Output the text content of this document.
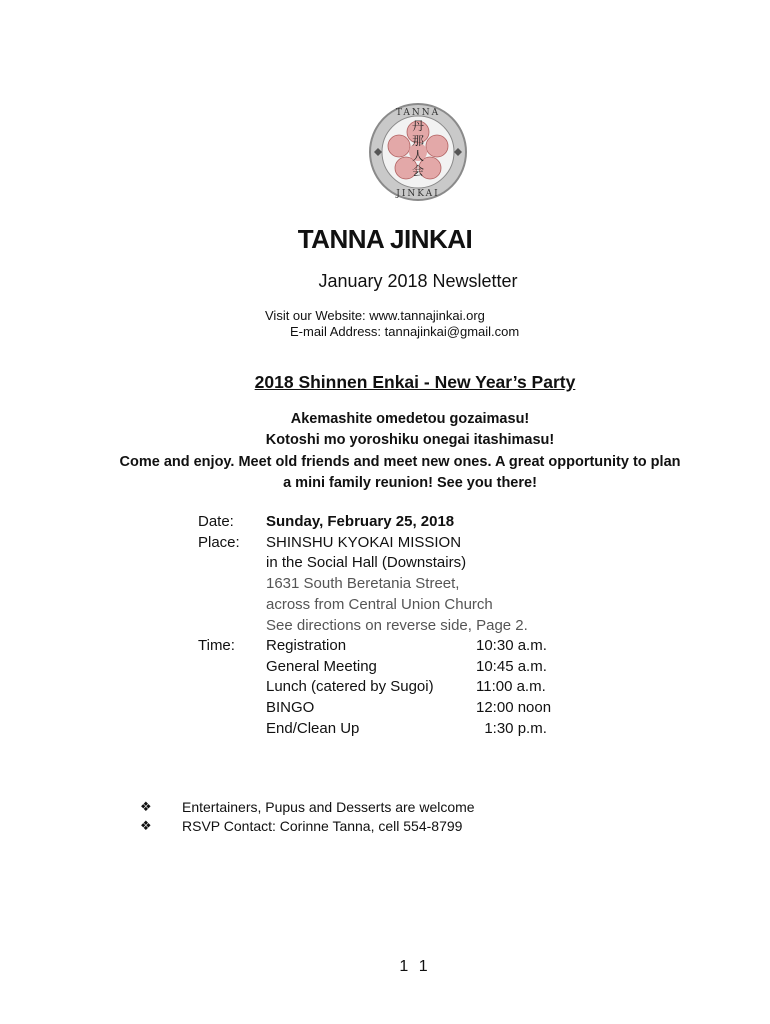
丹
那
人
会
TANNA
JINKAI
TANNA JINKAI
January 2018 Newsletter
Visit our Website: www.tannajinkai.org
E-mail Address: tannajinkai@gmail.com
2018 Shinnen Enkai - New Year’s Party
Akemashite omedetou gozaimasu!
Kotoshi mo yoroshiku onegai itashimasu!
Come and enjoy. Meet old friends and meet new ones. A great opportunity to plan
a mini family reunion! See you there!
Date: Sunday, February 25, 2018
Place: SHINSHU KYOKAI MISSION
in the Social Hall (Downstairs)
1631 South Beretania Street,
across from Central Union Church
See directions on reverse side, Page 2.
Time: Registration	10:30 a.m.
General Meeting	10:45 a.m.
Lunch (catered by Sugoi)	11:00 a.m.
BINGO	12:00 noon
End/Clean Up	1:30 p.m.
❖ Entertainers, Pupus and Desserts are welcome
❖ RSVP Contact: Corinne Tanna, cell 554-8799
1 1
